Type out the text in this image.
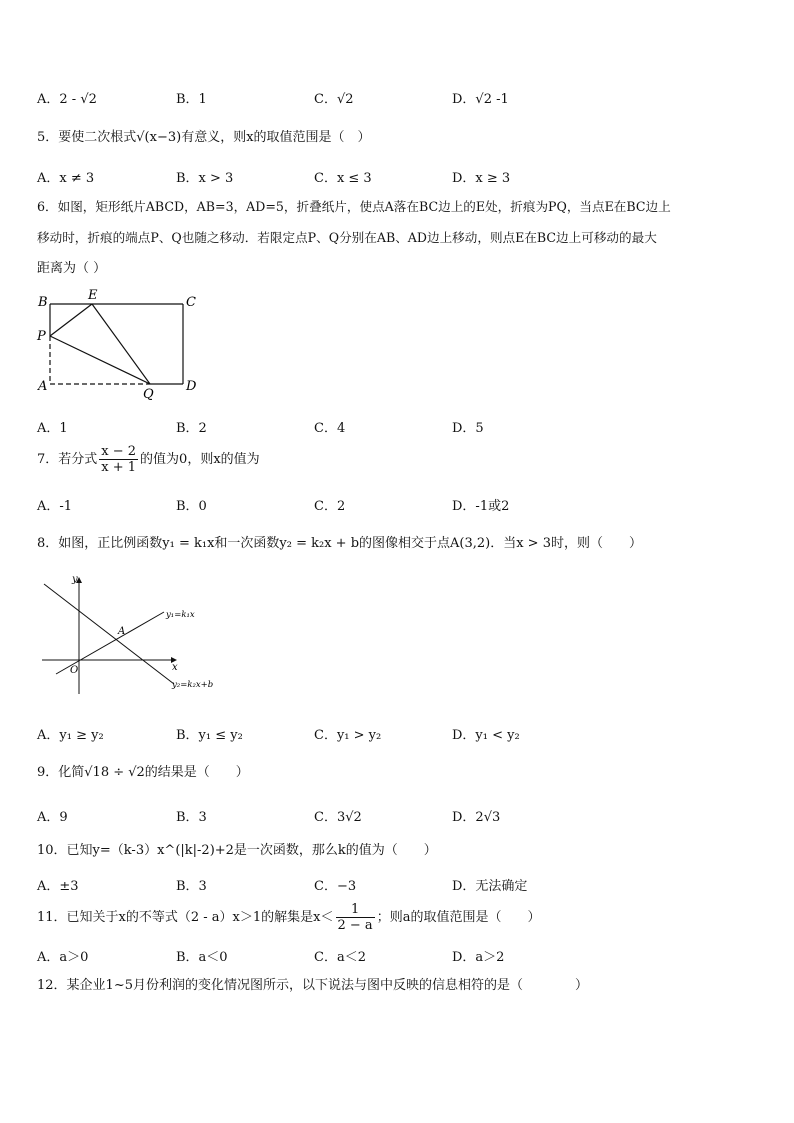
A．2 - √2	B．1	C．√2	D．√2 -1
5．要使二次根式√(x−3)有意义，则x的取值范围是（　）
A．x ≠ 3	B．x > 3	C．x ≤ 3	D．x ≥ 3
6．如图，矩形纸片ABCD，AB=3，AD=5，折叠纸片，使点A落在BC边上的E处，折痕为PQ，当点E在BC边上
移动时，折痕的端点P、Q也随之移动．若限定点P、Q分别在AB、AD边上移动，则点E在BC边上可移动的最大
距离为（ ）
B	E	C
P
A
Q
D
A．1	B．2	C．4	D．5
7．若分式 $\frac{x - 2}{x + 1}$ 的值为0，则x的值为
A．-1	B．0	C．2	D．-1或2
8．如图，正比例函数y₁ = k₁x和一次函数y₂ = k₂x + b的图像相交于点A(3,2)．当x > 3时，则（　　）
y
x
O
A
y₁=k₁x
y₂=k₂x+b
A．y₁ ≥ y₂	B．y₁ ≤ y₂	C．y₁ > y₂	D．y₁ < y₂
9．化简√18 ÷ √2的结果是（　　）
A．9	B．3	C．3√2	D．2√3
10．已知y=（k-3）x^(|k|-2)+2是一次函数，那么k的值为（　　）
A．±3	B．3	C．−3	D．无法确定
11．已知关于x的不等式（2 - a）x＞1的解集是$x< \frac{1}{2 - a}$ ；则a的取值范围是（　　）
A．a＞0	B．a＜0	C．a＜2	D．a＞2
12．某企业1~5月份利润的变化情况图所示，以下说法与图中反映的信息相符的是（　　　　）
